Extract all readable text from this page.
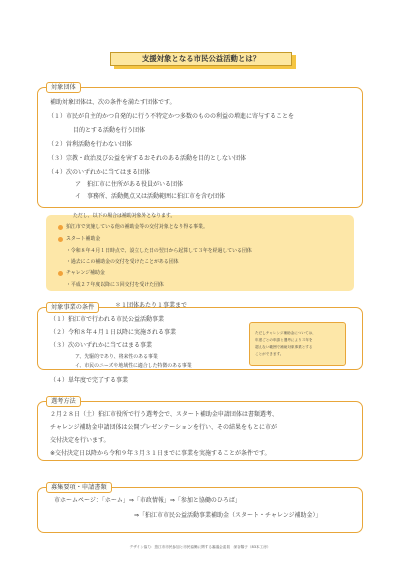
支援対象となる市民公益活動とは？
対象団体
補助対象団体は、次の条件を満たす団体です。
（１）市民が自主的かつ自発的に行う不特定かつ多数のものの利益の増進に寄与することを
目的とする活動を行う団体
（２）営利活動を行わない団体
（３）宗教・政治及び公益を害するおそれのある活動を目的としない団体
（４）次のいずれかに当てはまる団体
ア　狛江市に住所がある役員がいる団体
イ　事務所、活動拠点又は活動範囲に狛江市を含む団体
ただし、以下の場合は補助対象外となります。
狛江市で実施している他の補助金等の交付対象となり得る事業。
スタート補助金
・令和８年４月１日時点で、設立した日の翌日から起算して３年を経過している団体
・過去にこの補助金の交付を受けたことがある団体
チャレンジ補助金
・平成２７年度以降に３回交付を受けた団体
対象事業の条件	＊１団体あたり１事業まで
（１）狛江市で行われる市民公益活動事業
（２）令和８年４月１日以降に実施される事業
（３）次のいずれかに当てはまる事業
ア、先駆的であり、将来性のある事業
イ、市民のニーズや地域性に適合した特徴のある事業
（４）単年度で完了する事業
ただしチャレンジ補助金については、
年度ごとの申請と選考により３年を
超えない範囲で補助対象事業とする
ことができます。
選考方法
２月２８日（土）狛江市役所で行う選考会で、スタート補助金申請団体は書類選考、
チャレンジ補助金申請団体は公開プレゼンテーションを行い、その結果をもとに市が
交付決定を行います。
※交付決定日以降から令和９年３月３１日までに事業を実施することが条件です。
募集要項・申請書類
市ホームページ：「ホーム」⇒「市政情報」⇒「参加と協働のひろば」
⇒「狛江市市民公益活動事業補助金（スタート・チャレンジ補助金）」
デザイン協力：狛江市市民参加と市民協働に関する審議会委員　深谷陽子（83本工房）
